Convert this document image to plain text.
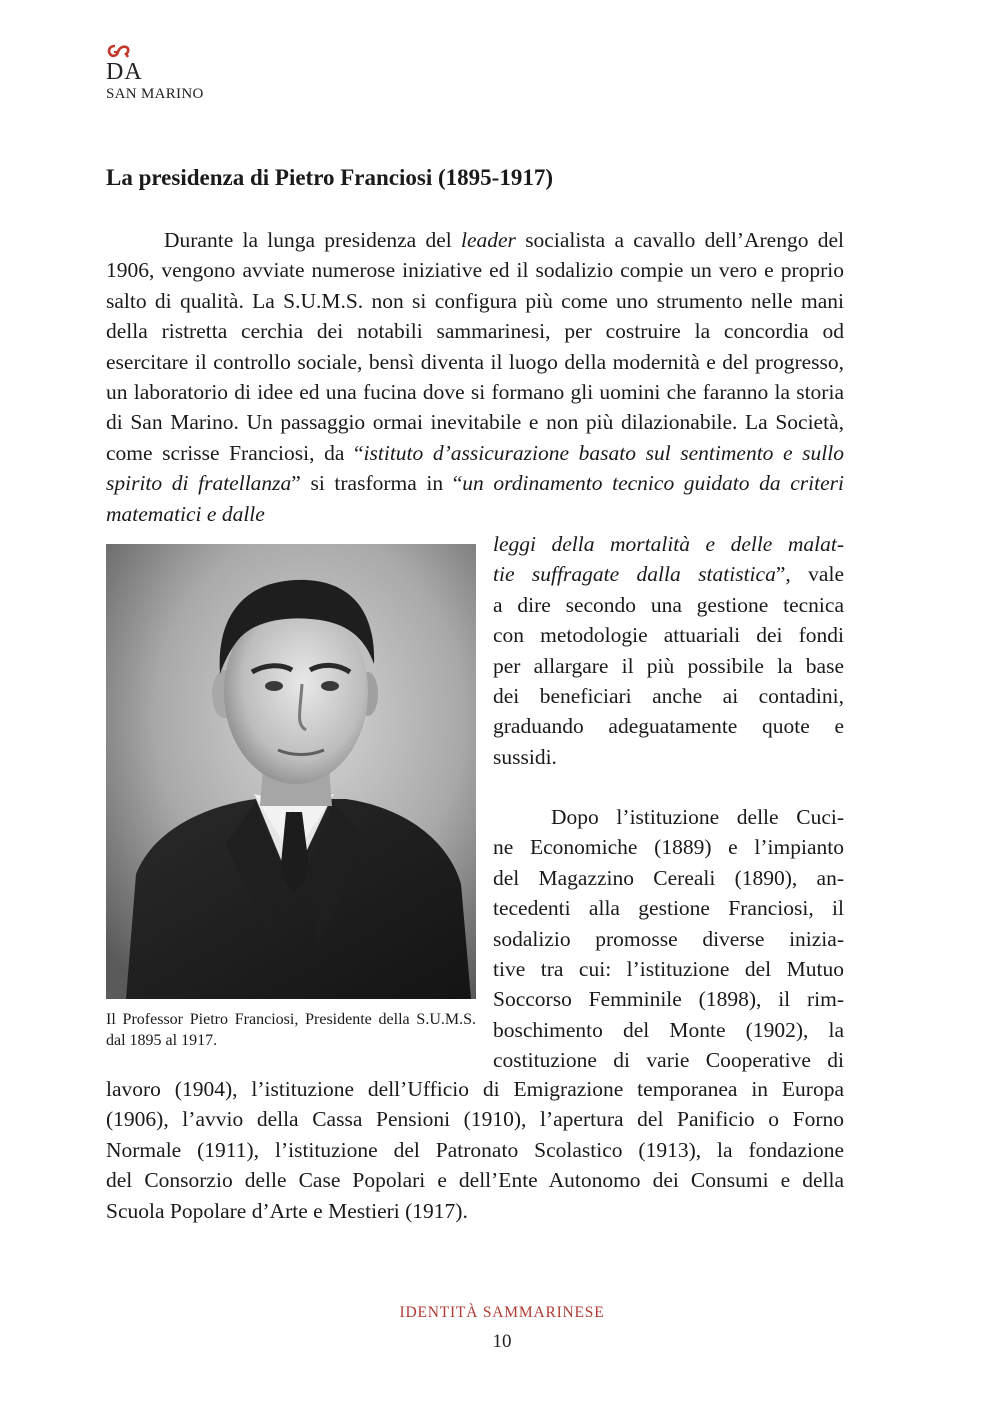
DA
SAN MARINO
La presidenza di Pietro Franciosi (1895-1917)

Durante la lunga presidenza del leader socialista a cavallo dell’Arengo del 1906, vengono avviate numerose iniziative ed il sodalizio compie un vero e proprio salto di qualità. La S.U.M.S. non si configura più come uno strumento nelle mani della ristretta cerchia dei notabili sammarinesi, per costruire la concordia od esercitare il controllo sociale, bensì diventa il luogo della modernità e del progresso, un laboratorio di idee ed una fucina dove si formano gli uomini che faranno la storia di San Marino. Un passaggio ormai inevitabile e non più dilazionabile. La Società, come scrisse Franciosi, da “istituto d’assicurazione basato sul sentimento e sullo spirito di fratellanza” si trasforma in “un ordinamento tecnico guidato da criteri matematici e dalle

Il Professor Pietro Franciosi, Presidente della S.U.M.S. dal 1895 al 1917.

leggi della mortalità e delle malat-
tie suffragate dalla statistica”, vale
a dire secondo una gestione tecnica
con metodologie attuariali dei fondi
per allargare il più possibile la base
dei beneficiari anche ai contadini,
graduando adeguatamente quote e
sussidi.
Dopo l’istituzione delle Cuci-
ne Economiche (1889) e l’impianto
del Magazzino Cereali (1890), an-
tecedenti alla gestione Franciosi, il
sodalizio promosse diverse inizia-
tive tra cui: l’istituzione del Mutuo
Soccorso Femminile (1898), il rim-
boschimento del Monte (1902), la
costituzione di varie Cooperative di
lavoro (1904), l’istituzione dell’Ufficio di Emigrazione temporanea in Europa
(1906), l’avvio della Cassa Pensioni (1910), l’apertura del Panificio o Forno
Normale (1911), l’istituzione del Patronato Scolastico (1913), la fondazione
del Consorzio delle Case Popolari e dell’Ente Autonomo dei Consumi e della
Scuola Popolare d’Arte e Mestieri (1917).
IDENTITÀ SAMMARINESE
10
